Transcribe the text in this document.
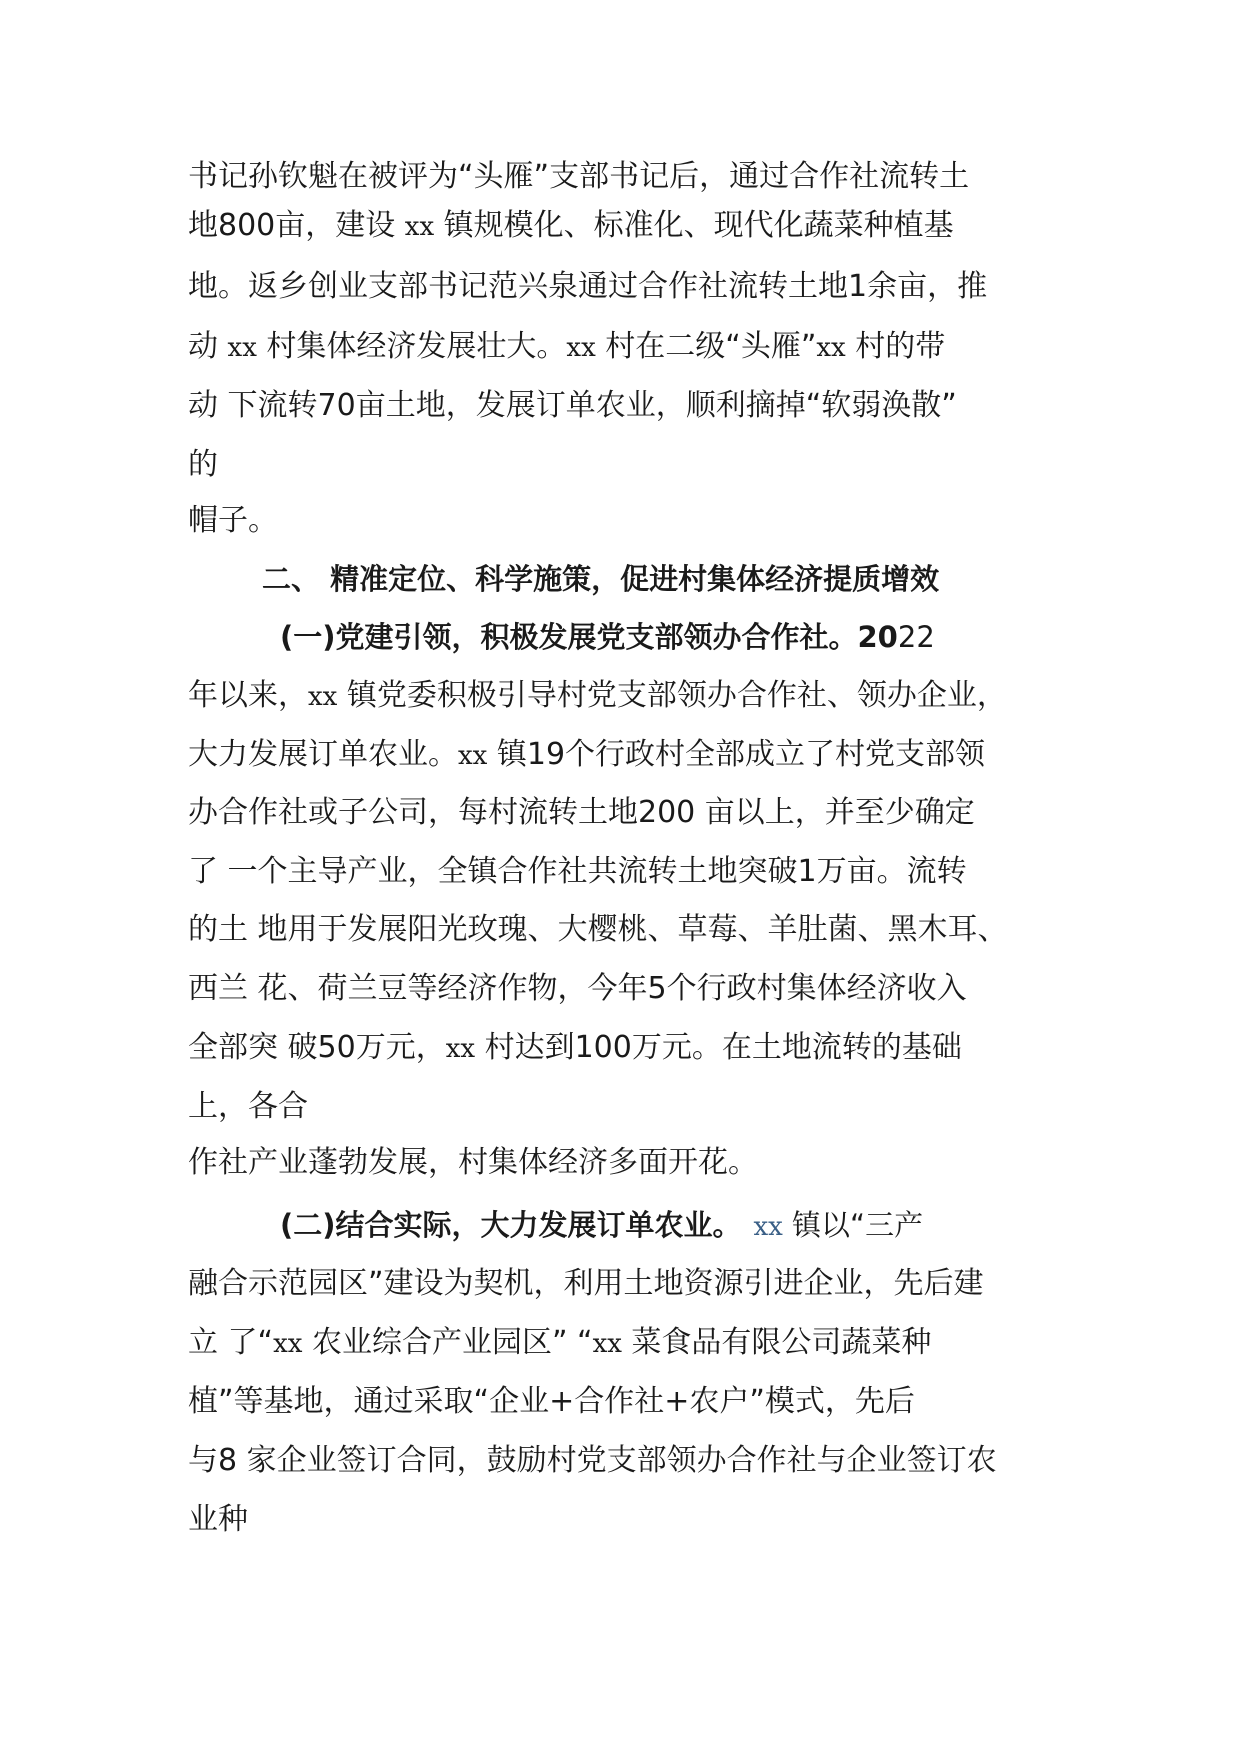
书记孙钦魁在被评为“头雁”支部书记后，通过合作社流转土
地800亩，建设 xx 镇规模化、标准化、现代化蔬菜种植基
地。返乡创业支部书记范兴泉通过合作社流转土地1余亩，推
动 xx 村集体经济发展壮大。xx 村在二级“头雁”xx 村的带
动 下流转70亩土地，发展订单农业，顺利摘掉“软弱涣散”
的
帽子。
二、 精准定位、科学施策，促进村集体经济提质增效
(一)党建引领，积极发展党支部领办合作社。2022
年以来，xx 镇党委积极引导村党支部领办合作社、领办企业，
大力发展订单农业。xx 镇19个行政村全部成立了村党支部领
办合作社或子公司，每村流转土地200 亩以上，并至少确定
了 一个主导产业，全镇合作社共流转土地突破1万亩。流转
的土 地用于发展阳光玫瑰、大樱桃、草莓、羊肚菌、黑木耳、
西兰 花、荷兰豆等经济作物，今年5个行政村集体经济收入
全部突 破50万元，xx 村达到100万元。在土地流转的基础
上，各合
作社产业蓬勃发展，村集体经济多面开花。
(二)结合实际，大力发展订单农业。 xx 镇以“三产
融合示范园区”建设为契机，利用土地资源引进企业，先后建
立 了“xx 农业综合产业园区” “xx 菜食品有限公司蔬菜种
植”等基地，通过采取“企业+合作社+农户”模式，先后
与8 家企业签订合同，鼓励村党支部领办合作社与企业签订农
业种
